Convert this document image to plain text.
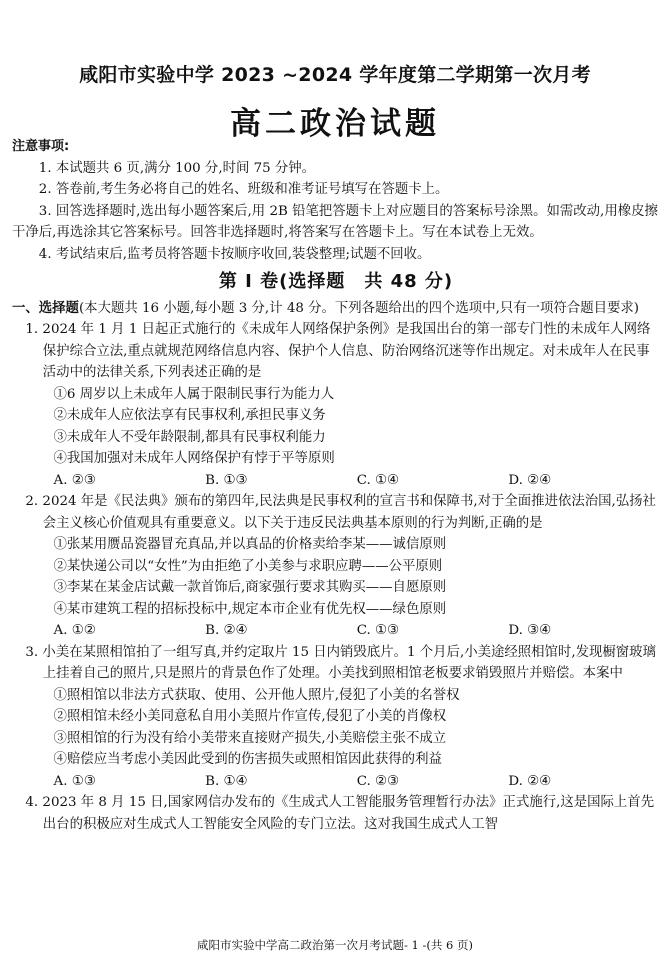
咸阳市实验中学 2023 ~2024 学年度第二学期第一次月考
高二政治试题
注意事项:
1. 本试题共 6 页,满分 100 分,时间 75 分钟。
2. 答卷前,考生务必将自己的姓名、班级和准考证号填写在答题卡上。
3. 回答选择题时,选出每小题答案后,用 2B 铅笔把答题卡上对应题目的答案标号涂黑。如需改动,用橡皮擦干净后,再选涂其它答案标号。回答非选择题时,将答案写在答题卡上。写在本试卷上无效。
4. 考试结束后,监考员将答题卡按顺序收回,装袋整理;试题不回收。
第 Ⅰ 卷(选择题　共 48 分)
一、选择题(本大题共 16 小题,每小题 3 分,计 48 分。下列各题给出的四个选项中,只有一项符合题目要求)
1. 2024 年 1 月 1 日起正式施行的《未成年人网络保护条例》是我国出台的第一部专门性的未成年人网络保护综合立法,重点就规范网络信息内容、保护个人信息、防治网络沉迷等作出规定。对未成年人在民事活动中的法律关系,下列表述正确的是
①6 周岁以上未成年人属于限制民事行为能力人
②未成年人应依法享有民事权利,承担民事义务
③未成年人不受年龄限制,都具有民事权利能力
④我国加强对未成年人网络保护有悖于平等原则
A. ②③	B. ①③	C. ①④	D. ②④
2. 2024 年是《民法典》颁布的第四年,民法典是民事权利的宣言书和保障书,对于全面推进依法治国,弘扬社会主义核心价值观具有重要意义。以下关于违反民法典基本原则的行为判断,正确的是
①张某用赝品瓷器冒充真品,并以真品的价格卖给李某——诚信原则
②某快递公司以“女性”为由拒绝了小美参与求职应聘——公平原则
③李某在某金店试戴一款首饰后,商家强行要求其购买——自愿原则
④某市建筑工程的招标投标中,规定本市企业有优先权——绿色原则
A. ①②	B. ②④	C. ①③	D. ③④
3. 小美在某照相馆拍了一组写真,并约定取片 15 日内销毁底片。1 个月后,小美途经照相馆时,发现橱窗玻璃上挂着自己的照片,只是照片的背景色作了处理。小美找到照相馆老板要求销毁照片并赔偿。本案中
①照相馆以非法方式获取、使用、公开他人照片,侵犯了小美的名誉权
②照相馆未经小美同意私自用小美照片作宣传,侵犯了小美的肖像权
③照相馆的行为没有给小美带来直接财产损失,小美赔偿主张不成立
④赔偿应当考虑小美因此受到的伤害损失或照相馆因此获得的利益
A. ①③	B. ①④	C. ②③	D. ②④
4. 2023 年 8 月 15 日,国家网信办发布的《生成式人工智能服务管理暂行办法》正式施行,这是国际上首先出台的积极应对生成式人工智能安全风险的专门立法。这对我国生成式人工智
咸阳市实验中学高二政治第一次月考试题- 1 -(共 6 页)
